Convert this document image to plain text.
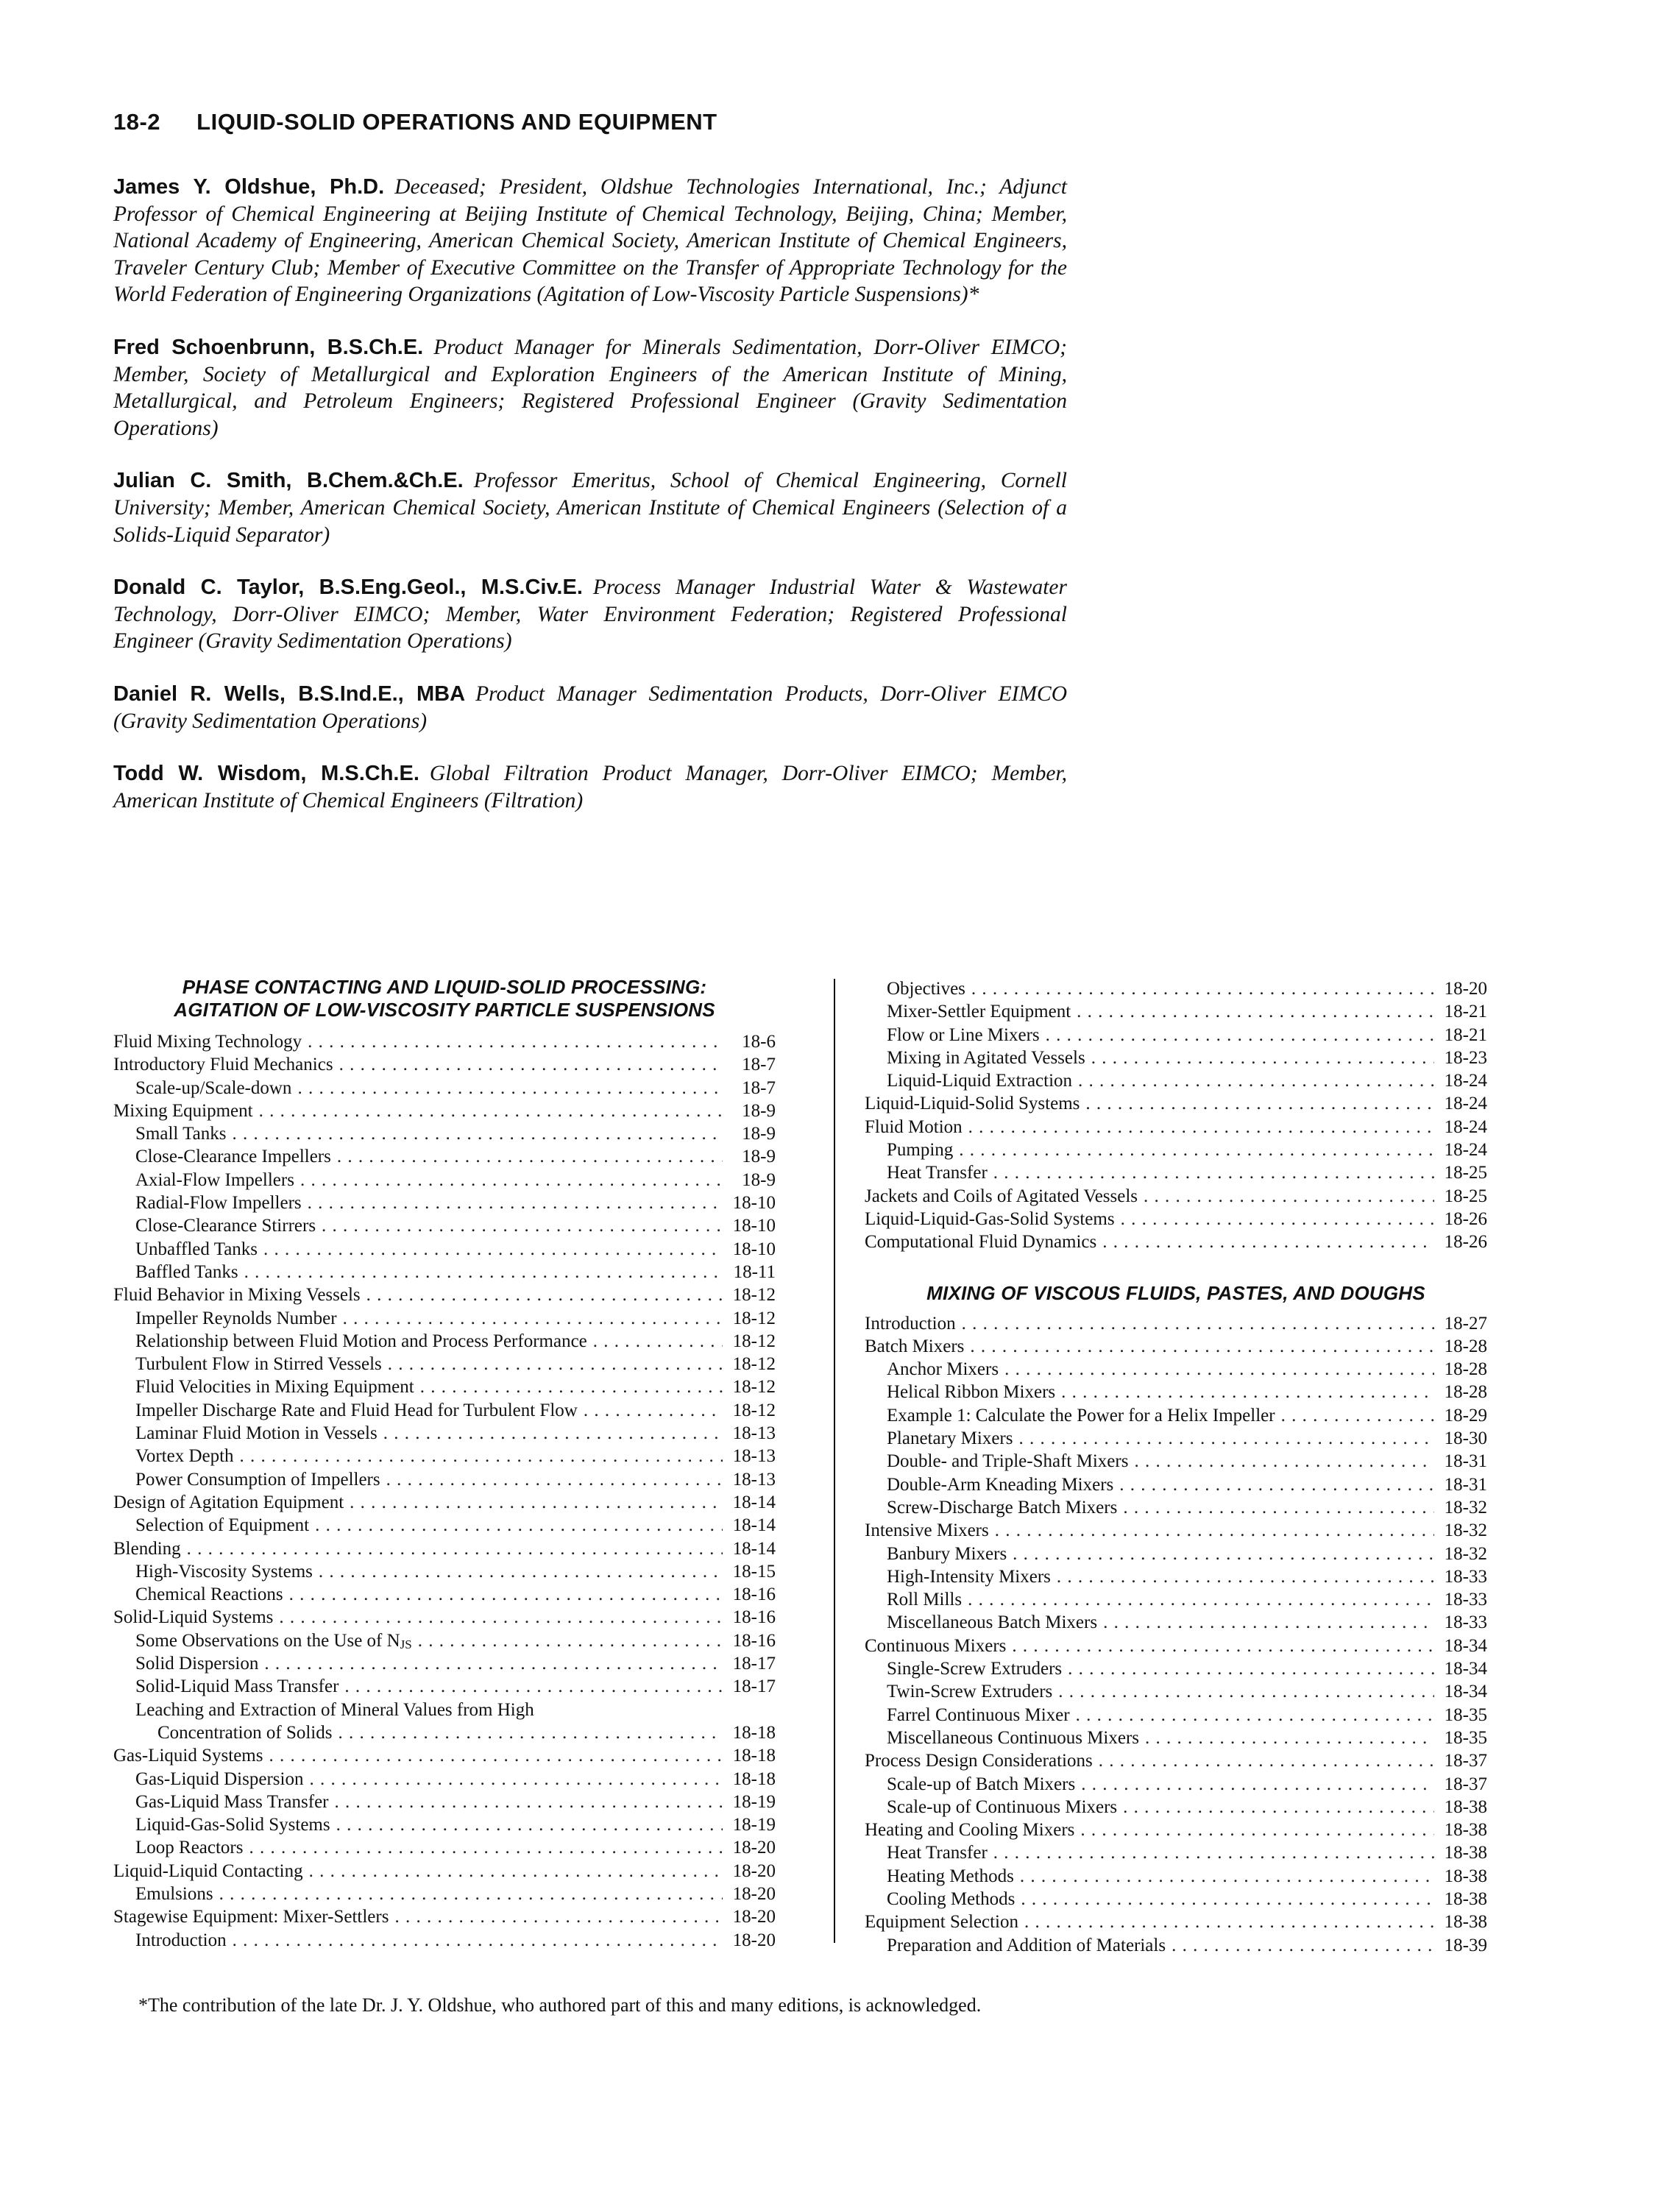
18-2 LIQUID-SOLID OPERATIONS AND EQUIPMENT

James Y. Oldshue, Ph.D. Deceased; President, Oldshue Technologies International, Inc.; Adjunct Professor of Chemical Engineering at Beijing Institute of Chemical Technology, Beijing, China; Member, National Academy of Engineering, American Chemical Society, American Institute of Chemical Engineers, Traveler Century Club; Member of Executive Committee on the Transfer of Appropriate Technology for the World Federation of Engineering Organizations (Agitation of Low-Viscosity Particle Suspensions)*

Fred Schoenbrunn, B.S.Ch.E. Product Manager for Minerals Sedimentation, Dorr-Oliver EIMCO; Member, Society of Metallurgical and Exploration Engineers of the American Institute of Mining, Metallurgical, and Petroleum Engineers; Registered Professional Engineer (Gravity Sedimentation Operations)

Julian C. Smith, B.Chem.&Ch.E. Professor Emeritus, School of Chemical Engineering, Cornell University; Member, American Chemical Society, American Institute of Chemical Engineers (Selection of a Solids-Liquid Separator)

Donald C. Taylor, B.S.Eng.Geol., M.S.Civ.E. Process Manager Industrial Water & Wastewater Technology, Dorr-Oliver EIMCO; Member, Water Environment Federation; Registered Professional Engineer (Gravity Sedimentation Operations)

Daniel R. Wells, B.S.Ind.E., MBA Product Manager Sedimentation Products, Dorr-Oliver EIMCO (Gravity Sedimentation Operations)

Todd W. Wisdom, M.S.Ch.E. Global Filtration Product Manager, Dorr-Oliver EIMCO; Member, American Institute of Chemical Engineers (Filtration)

PHASE CONTACTING AND LIQUID-SOLID PROCESSING:
AGITATION OF LOW-VISCOSITY PARTICLE SUSPENSIONS
Fluid Mixing Technology . . .	18-6
Introductory Fluid Mechanics . . .	18-7
Scale-up/Scale-down . . .	18-7
Mixing Equipment . . .	18-9
Small Tanks . . .	18-9
Close-Clearance Impellers . . .	18-9
Axial-Flow Impellers . . .	18-9
Radial-Flow Impellers . . .	18-10
Close-Clearance Stirrers . . .	18-10
Unbaffled Tanks . . .	18-10
Baffled Tanks . . .	18-11
Fluid Behavior in Mixing Vessels . . .	18-12
Impeller Reynolds Number . . .	18-12
Relationship between Fluid Motion and Process Performance . . .	18-12
Turbulent Flow in Stirred Vessels . . .	18-12
Fluid Velocities in Mixing Equipment . . .	18-12
Impeller Discharge Rate and Fluid Head for Turbulent Flow . . .	18-12
Laminar Fluid Motion in Vessels . . .	18-13
Vortex Depth . . .	18-13
Power Consumption of Impellers . . .	18-13
Design of Agitation Equipment . . .	18-14
Selection of Equipment . . .	18-14
Blending . . .	18-14
High-Viscosity Systems . . .	18-15
Chemical Reactions . . .	18-16
Solid-Liquid Systems . . .	18-16
Some Observations on the Use of $N_{JS}$ . . .	18-16
Solid Dispersion . . .	18-17
Solid-Liquid Mass Transfer . . .	18-17
Leaching and Extraction of Mineral Values from High
Concentration of Solids . . .	18-18
Gas-Liquid Systems . . .	18-18
Gas-Liquid Dispersion . . .	18-18
Gas-Liquid Mass Transfer . . .	18-19
Liquid-Gas-Solid Systems . . .	18-19
Loop Reactors . . .	18-20
Liquid-Liquid Contacting . . .	18-20
Emulsions . . .	18-20
Stagewise Equipment: Mixer-Settlers . . .	18-20
Introduction . . .	18-20
Objectives . . .	18-20
Mixer-Settler Equipment . . .	18-21
Flow or Line Mixers . . .	18-21
Mixing in Agitated Vessels . . .	18-23
Liquid-Liquid Extraction . . .	18-24
Liquid-Liquid-Solid Systems . . .	18-24
Fluid Motion . . .	18-24
Pumping . . .	18-24
Heat Transfer . . .	18-25
Jackets and Coils of Agitated Vessels . . .	18-25
Liquid-Liquid-Gas-Solid Systems . . .	18-26
Computational Fluid Dynamics . . .	18-26
MIXING OF VISCOUS FLUIDS, PASTES, AND DOUGHS
Introduction . . .	18-27
Batch Mixers . . .	18-28
Anchor Mixers . . .	18-28
Helical Ribbon Mixers . . .	18-28
Example 1: Calculate the Power for a Helix Impeller . . .	18-29
Planetary Mixers . . .	18-30
Double- and Triple-Shaft Mixers . . .	18-31
Double-Arm Kneading Mixers . . .	18-31
Screw-Discharge Batch Mixers . . .	18-32
Intensive Mixers . . .	18-32
Banbury Mixers . . .	18-32
High-Intensity Mixers . . .	18-33
Roll Mills . . .	18-33
Miscellaneous Batch Mixers . . .	18-33
Continuous Mixers . . .	18-34
Single-Screw Extruders . . .	18-34
Twin-Screw Extruders . . .	18-34
Farrel Continuous Mixer . . .	18-35
Miscellaneous Continuous Mixers . . .	18-35
Process Design Considerations . . .	18-37
Scale-up of Batch Mixers . . .	18-37
Scale-up of Continuous Mixers . . .	18-38
Heating and Cooling Mixers . . .	18-38
Heat Transfer . . .	18-38
Heating Methods . . .	18-38
Cooling Methods . . .	18-38
Equipment Selection . . .	18-38
Preparation and Addition of Materials . . .	18-39
*The contribution of the late Dr. J. Y. Oldshue, who authored part of this and many editions, is acknowledged.
